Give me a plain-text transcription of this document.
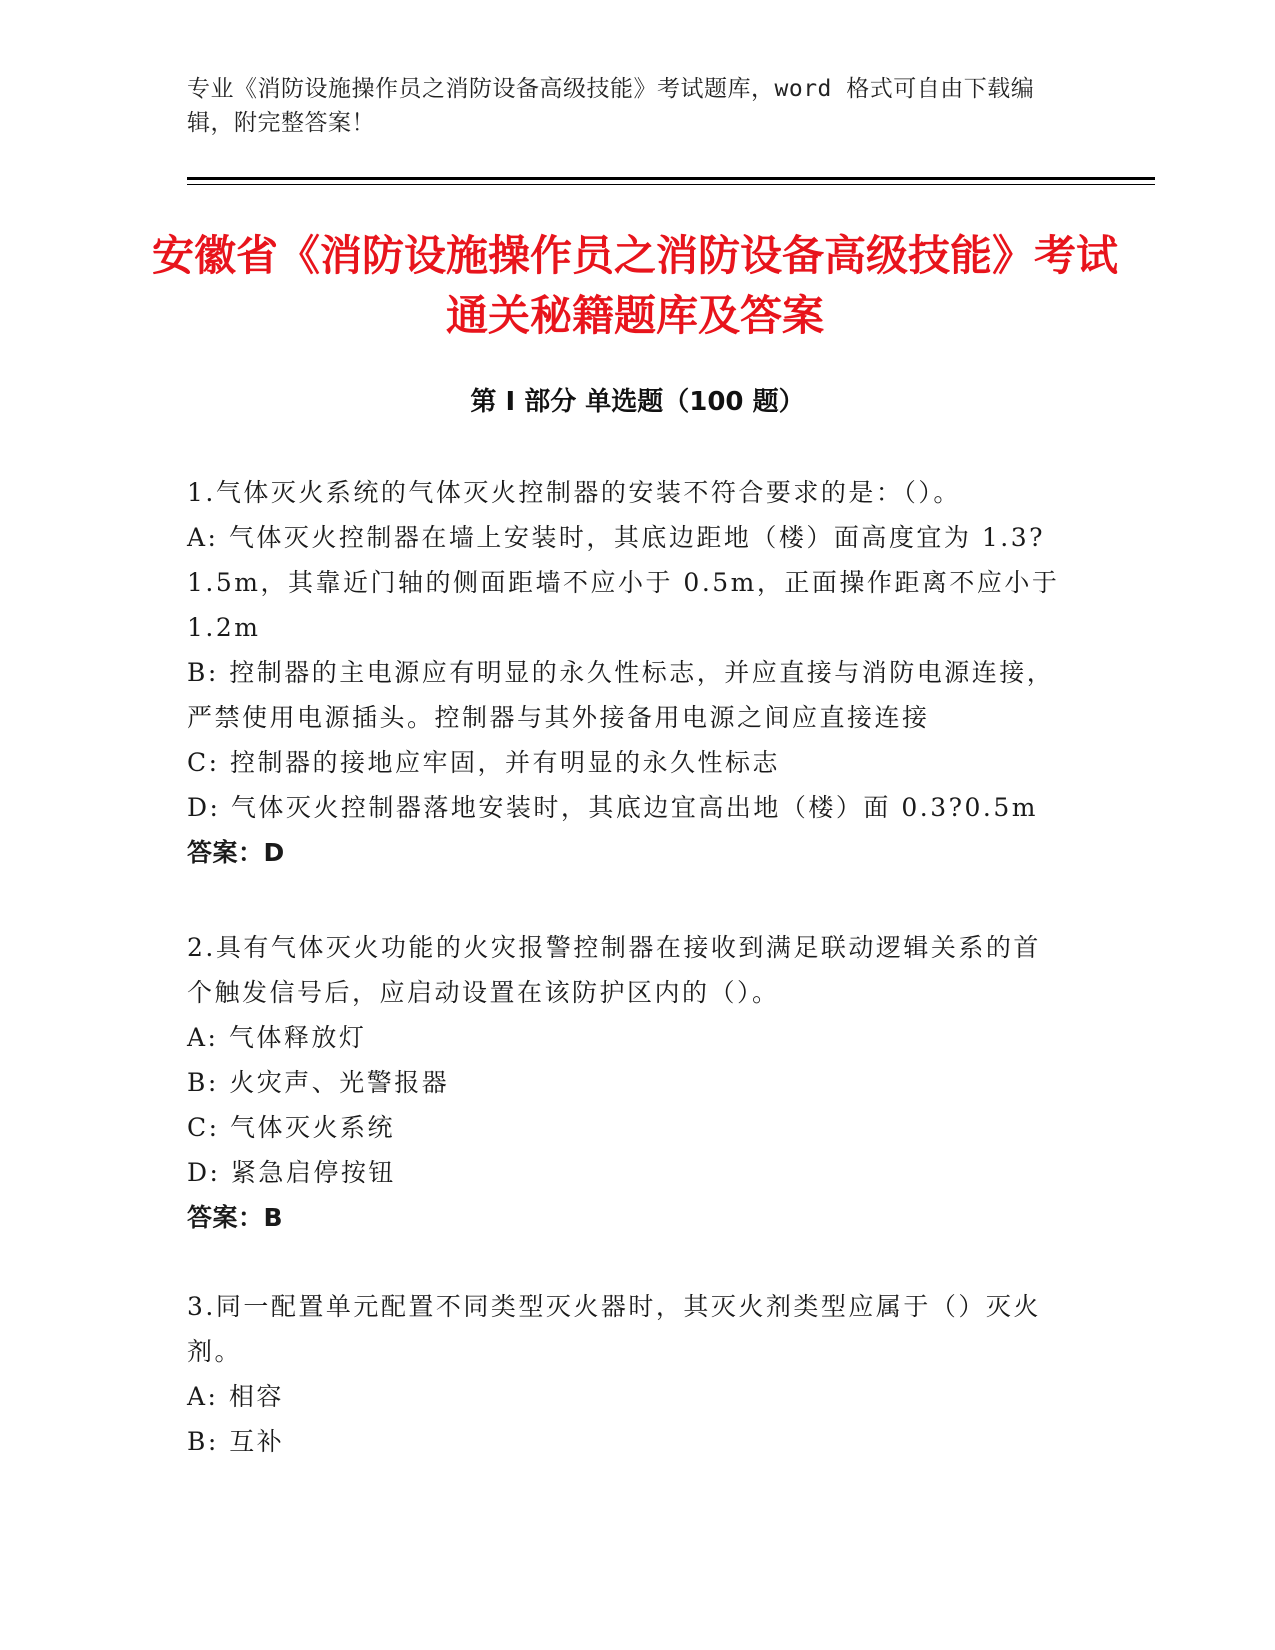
专业《消防设施操作员之消防设备高级技能》考试题库，word 格式可自由下载编辑，附完整答案！
安徽省《消防设施操作员之消防设备高级技能》考试通关秘籍题库及答案
第 I 部分 单选题（100 题）
1.气体灭火系统的气体灭火控制器的安装不符合要求的是：（）。
A: 气体灭火控制器在墙上安装时，其底边距地（楼）面高度宜为 1.3?1.5m，其靠近门轴的侧面距墙不应小于 0.5m，正面操作距离不应小于 1.2m
B: 控制器的主电源应有明显的永久性标志，并应直接与消防电源连接，严禁使用电源插头。控制器与其外接备用电源之间应直接连接
C: 控制器的接地应牢固，并有明显的永久性标志
D: 气体灭火控制器落地安装时，其底边宜高出地（楼）面 0.3?0.5m
答案：D
2.具有气体灭火功能的火灾报警控制器在接收到满足联动逻辑关系的首个触发信号后，应启动设置在该防护区内的（）。
A: 气体释放灯
B: 火灾声、光警报器
C: 气体灭火系统
D: 紧急启停按钮
答案：B
3.同一配置单元配置不同类型灭火器时，其灭火剂类型应属于（）灭火剂。
A: 相容
B: 互补
